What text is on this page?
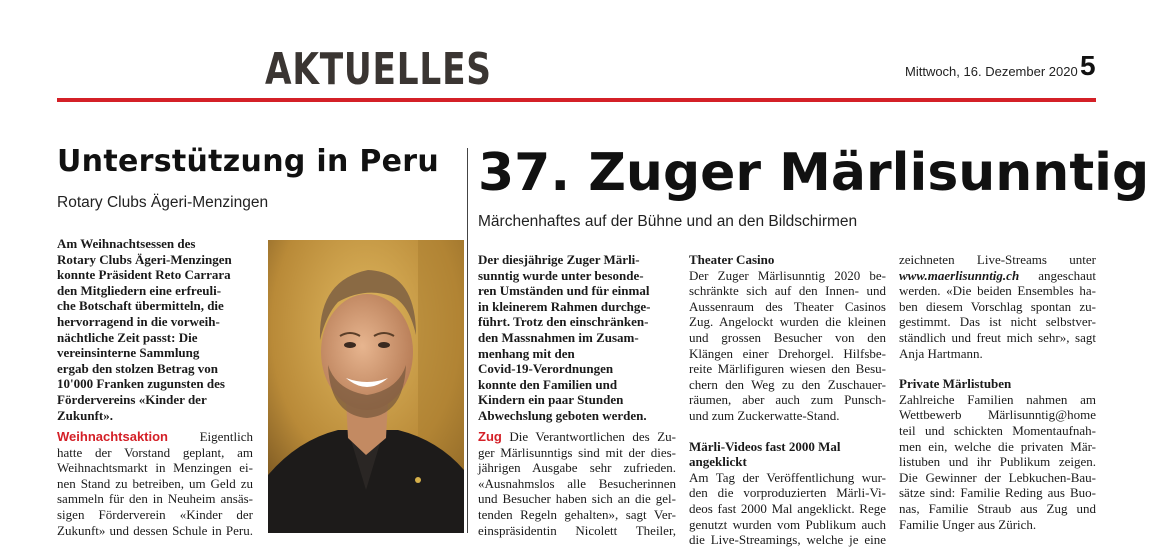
AKTUELLES	Mittwoch, 16. Dezember 2020 5
Unterstützung in Peru
Rotary Clubs Ägeri-Menzingen
Am Weihnachtsessen des
Rotary Clubs Ägeri-Menzingen
konnte Präsident Reto Carrara
den Mitgliedern eine erfreuli-
che Botschaft übermitteln, die
hervorragend in die vorweih-
nächtliche Zeit passt: Die
vereinsinterne Sammlung
ergab den stolzen Betrag von
10'000 Franken zugunsten des
Fördervereins «Kinder der
Zukunft».
Weihnachtsaktion Eigentlich
hatte der Vorstand geplant, am
Weihnachtsmarkt in Menzingen ei-
nen Stand zu betreiben, um Geld zu
sammeln für den in Neuheim ansäs-
sigen Förderverein «Kinder der
Zukunft» und dessen Schule in Peru.
37. Zuger Märlisunntig
Märchenhaftes auf der Bühne und an den Bildschirmen
Der diesjährige Zuger Märli-
sunntig wurde unter besonde-
ren Umständen und für einmal
in kleinerem Rahmen durchge-
führt. Trotz den einschränken-
den Massnahmen im Zusam-
menhang mit den
Covid-19-Verordnungen
konnte den Familien und
Kindern ein paar Stunden
Abwechslung geboten werden.
Zug Die Verantwortlichen des Zu-
ger Märlisunntigs sind mit der dies-
jährigen Ausgabe sehr zufrieden.
«Ausnahmslos alle Besucherinnen
und Besucher haben sich an die gel-
tenden Regeln gehalten», sagt Ver-
einspräsidentin Nicolett Theiler,
Theater Casino
Der Zuger Märlisunntig 2020 be-
schränkte sich auf den Innen- und
Aussenraum des Theater Casinos
Zug. Angelockt wurden die kleinen
und grossen Besucher von den
Klängen einer Drehorgel. Hilfsbe-
reite Märlifiguren wiesen den Besu-
chern den Weg zu den Zuschauer-
räumen, aber auch zum Punsch-
und zum Zuckerwatte-Stand.
Märli-Videos fast 2000 Mal
angeklickt
Am Tag der Veröffentlichung wur-
den die vorproduzierten Märli-Vi-
deos fast 2000 Mal angeklickt. Rege
genutzt wurden vom Publikum auch
die Live-Streamings, welche je eine
zeichneten Live-Streams unter
www.maerlisunntig.ch angeschaut
werden. «Die beiden Ensembles ha-
ben diesem Vorschlag spontan zu-
gestimmt. Das ist nicht selbstver-
ständlich und freut mich sehr», sagt
Anja Hartmann.
Private Märlistuben
Zahlreiche Familien nahmen am
Wettbewerb Märlisunntig@home
teil und schickten Momentaufnah-
men ein, welche die privaten Mär-
listuben und ihr Publikum zeigen.
Die Gewinner der Lebkuchen-Bau-
sätze sind: Familie Reding aus Buo-
nas, Familie Straub aus Zug und
Familie Unger aus Zürich.
